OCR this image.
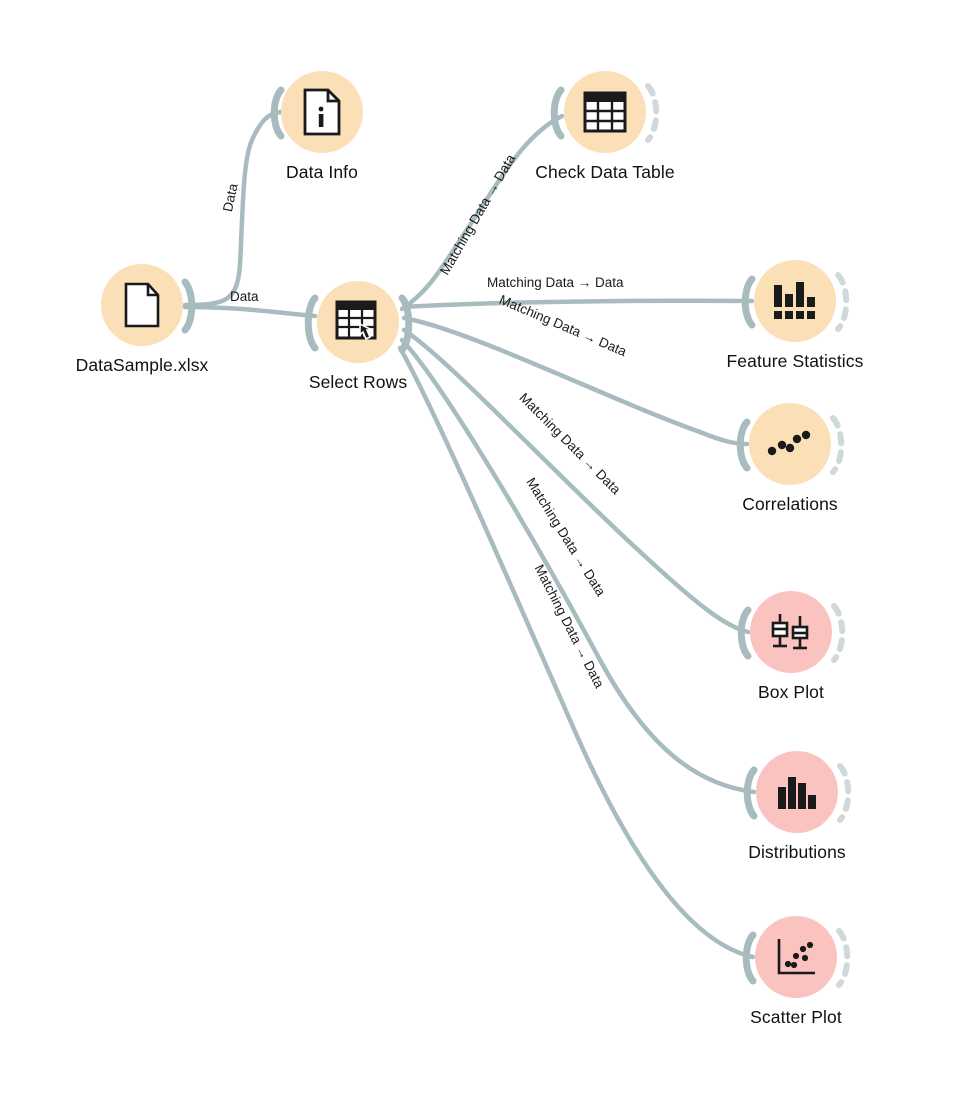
Data
Data
Matching Data → Data
Matching Data → Data
Matching Data → Data
Matching Data → Data
Matching Data → Data
Matching Data → Data
DataSample.xlsx
Data Info	Check Data Table
Select Rows
Feature Statistics
Correlations
Box Plot
Distributions
Scatter Plot
